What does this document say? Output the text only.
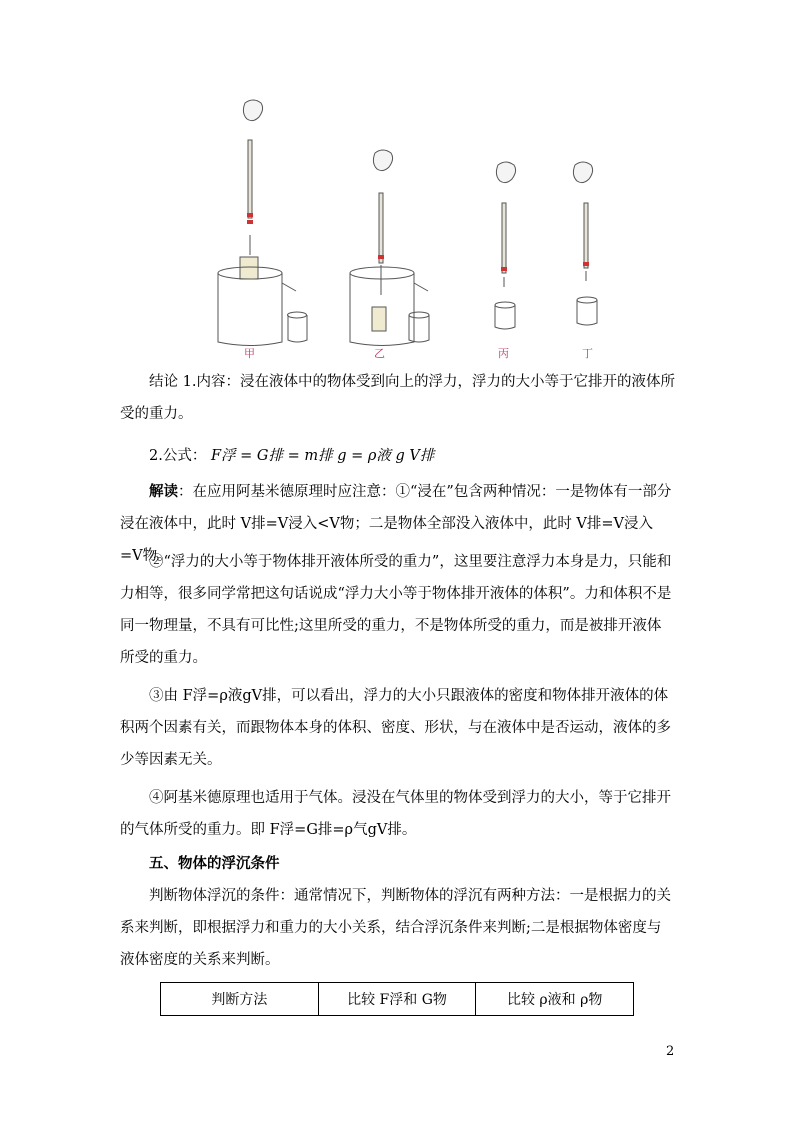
甲	乙	丙	丁
结论 1.内容：浸在液体中的物体受到向上的浮力，浮力的大小等于它排开的液体所受的重力。
2.公式： F浮 = G排 = m排 g = ρ液 g V排
解读：在应用阿基米德原理时应注意：①“浸在”包含两种情况：一是物体有一部分浸在液体中，此时 V排=V浸入<V物；二是物体全部没入液体中，此时 V排=V浸入=V物。
②“浮力的大小等于物体排开液体所受的重力”，这里要注意浮力本身是力，只能和力相等，很多同学常把这句话说成“浮力大小等于物体排开液体的体积”。力和体积不是同一物理量，不具有可比性;这里所受的重力，不是物体所受的重力，而是被排开液体所受的重力。
③由 F浮=ρ液gV排，可以看出，浮力的大小只跟液体的密度和物体排开液体的体积两个因素有关，而跟物体本身的体积、密度、形状，与在液体中是否运动，液体的多少等因素无关。
④阿基米德原理也适用于气体。浸没在气体里的物体受到浮力的大小，等于它排开的气体所受的重力。即 F浮=G排=ρ气gV排。
五、物体的浮沉条件
判断物体浮沉的条件：通常情况下，判断物体的浮沉有两种方法：一是根据力的关系来判断，即根据浮力和重力的大小关系，结合浮沉条件来判断;二是根据物体密度与液体密度的关系来判断。
判断方法	比较 F浮和 G物	比较 ρ液和 ρ物
2
